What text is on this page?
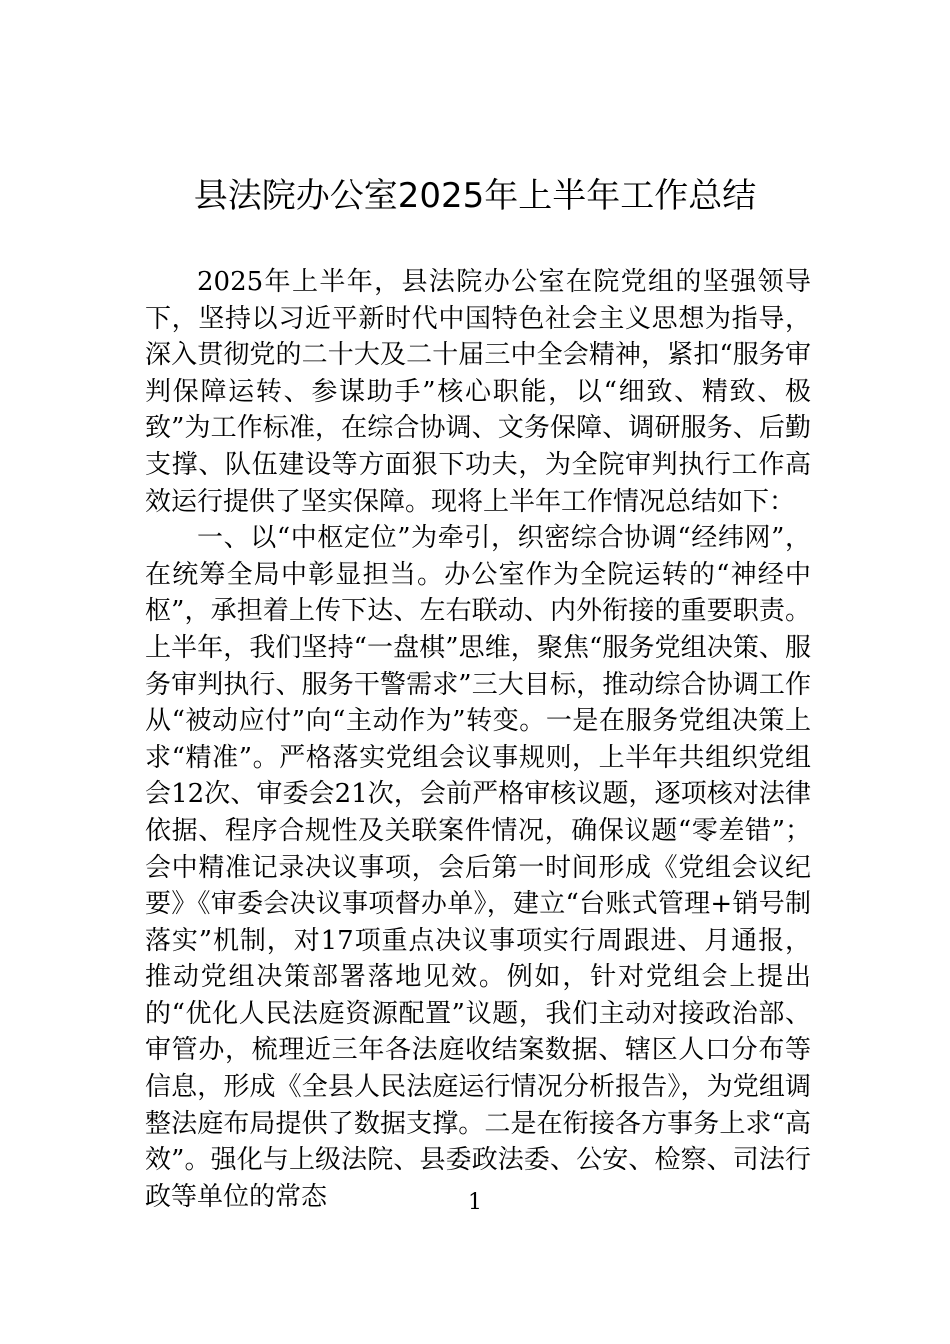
县法院办公室2025年上半年工作总结

2025年上半年，县法院办公室在院党组的坚强领导下，坚持以习近平新时代中国特色社会主义思想为指导，深入贯彻党的二十大及二十届三中全会精神，紧扣“服务审判保障运转、参谋助手”核心职能，以“细致、精致、极致”为工作标准，在综合协调、文务保障、调研服务、后勤支撑、队伍建设等方面狠下功夫，为全院审判执行工作高效运行提供了坚实保障。现将上半年工作情况总结如下：

一、以“中枢定位”为牵引，织密综合协调“经纬网”，在统筹全局中彰显担当。办公室作为全院运转的“神经中枢”，承担着上传下达、左右联动、内外衔接的重要职责。上半年，我们坚持“一盘棋”思维，聚焦“服务党组决策、服务审判执行、服务干警需求”三大目标，推动综合协调工作从“被动应付”向“主动作为”转变。一是在服务党组决策上求“精准”。严格落实党组会议事规则，上半年共组织党组会12次、审委会21次，会前严格审核议题，逐项核对法律依据、程序合规性及关联案件情况，确保议题“零差错”；会中精准记录决议事项，会后第一时间形成《党组会议纪要》《审委会决议事项督办单》，建立“台账式管理+销号制落实”机制，对17项重点决议事项实行周跟进、月通报，推动党组决策部署落地见效。例如，针对党组会上提出的“优化人民法庭资源配置”议题，我们主动对接政治部、审管办，梳理近三年各法庭收结案数据、辖区人口分布等信息，形成《全县人民法庭运行情况分析报告》，为党组调整法庭布局提供了数据支撑。二是在衔接各方事务上求“高效”。强化与上级法院、县委政法委、公安、检察、司法行政等单位的常态	1
